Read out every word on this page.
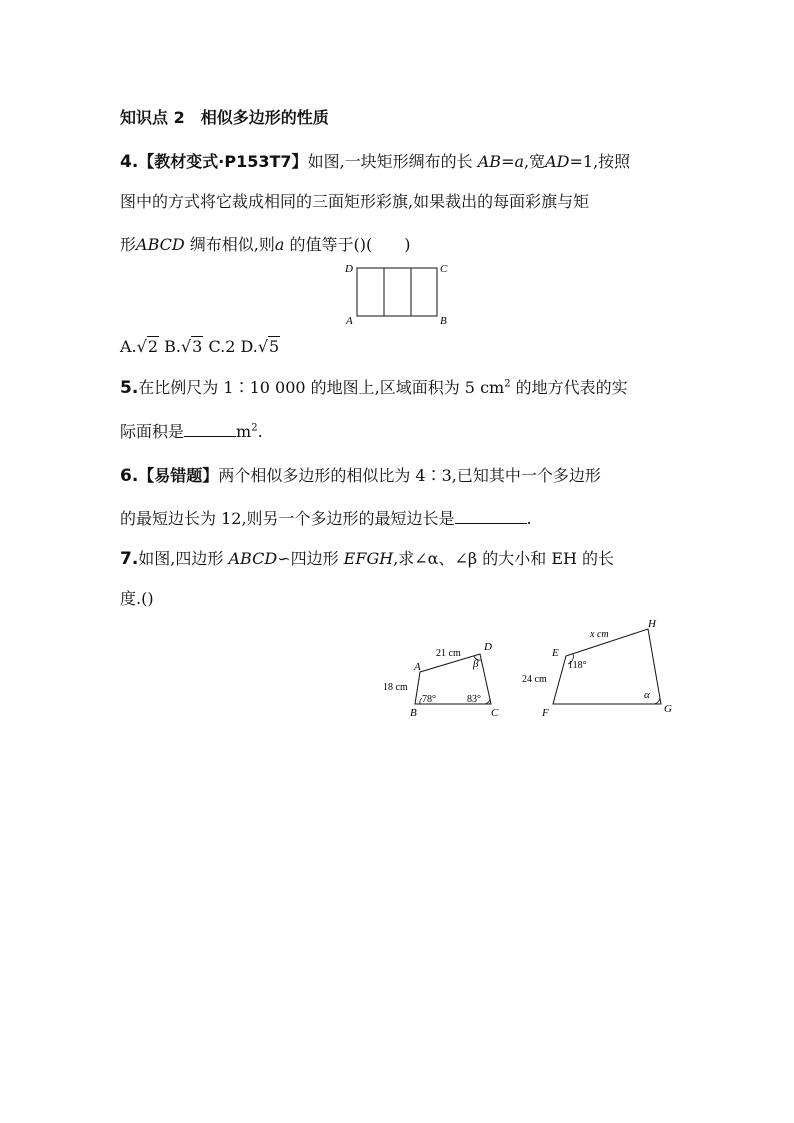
知识点 2　相似多边形的性质
4.【教材变式·P153T7】如图,一块矩形绸布的长 AB=a,宽AD=1,按照
图中的方式将它裁成相同的三面矩形彩旗,如果裁出的每面彩旗与矩
形ABCD 绸布相似,则a 的值等于()(　　)
D	C
A	B
A.√2 B.√3 C.2 D.√5
5.在比例尺为 1∶10 000 的地图上,区域面积为 5 $cm^2$ 的地方代表的实
际面积是	$m^2$.
6.【易错题】两个相似多边形的相似比为 4∶3,已知其中一个多边形
的最短边长为 12,则另一个多边形的最短边长是	.
7.如图,四边形 ABCD∽四边形 EFGH,求∠α、∠β 的大小和 EH 的长
度.()
A
B	C
D
21 cm
18 cm
78°	83°
β
E
F	G
H
x cm
24 cm
118°
α
